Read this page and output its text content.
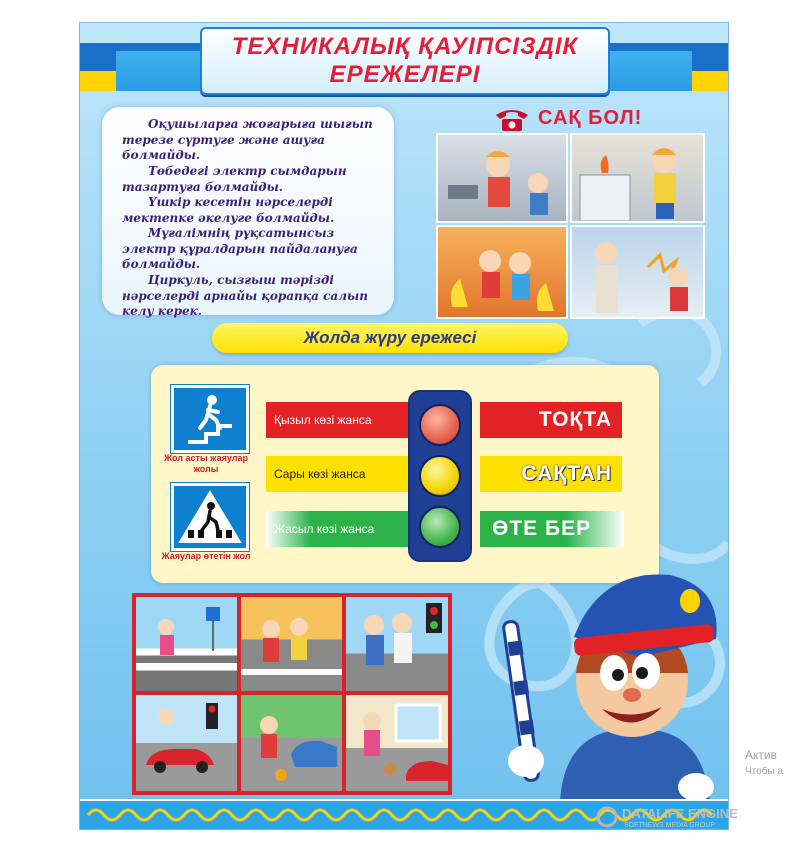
ТЕХНИКАЛЫҚ ҚАУІПСІЗДІК
ЕРЕЖЕЛЕРІ

Оқушыларға жоғарыға шығып терезе сүртуге және ашуға болмайды.

Төбедегі электр сымдарын тазартуға болмайды.

Үшкір кесетін нәрселерді мектепке әкелуге болмайды.

Мұғалімнің рұқсатынсыз электр құралдарын пайдалануға болмайды.

Циркуль, сызғыш тәрізді нәрселерді арнайы қорапқа салып келу керек.

САҚ БОЛ!
Жолда жүру ережесі
Жол асты жаяулар жолы
Жаяулар өтетін жол
Қызыл көзі жанса	ТОҚТА
Сары көзі жанса	САҚТАН
Жасыл көзі жанса	ӨТЕ БЕР
Актив
Чтобы а
DATALIFE ENGINE
SOFTNEWS MEDIA GROUP
